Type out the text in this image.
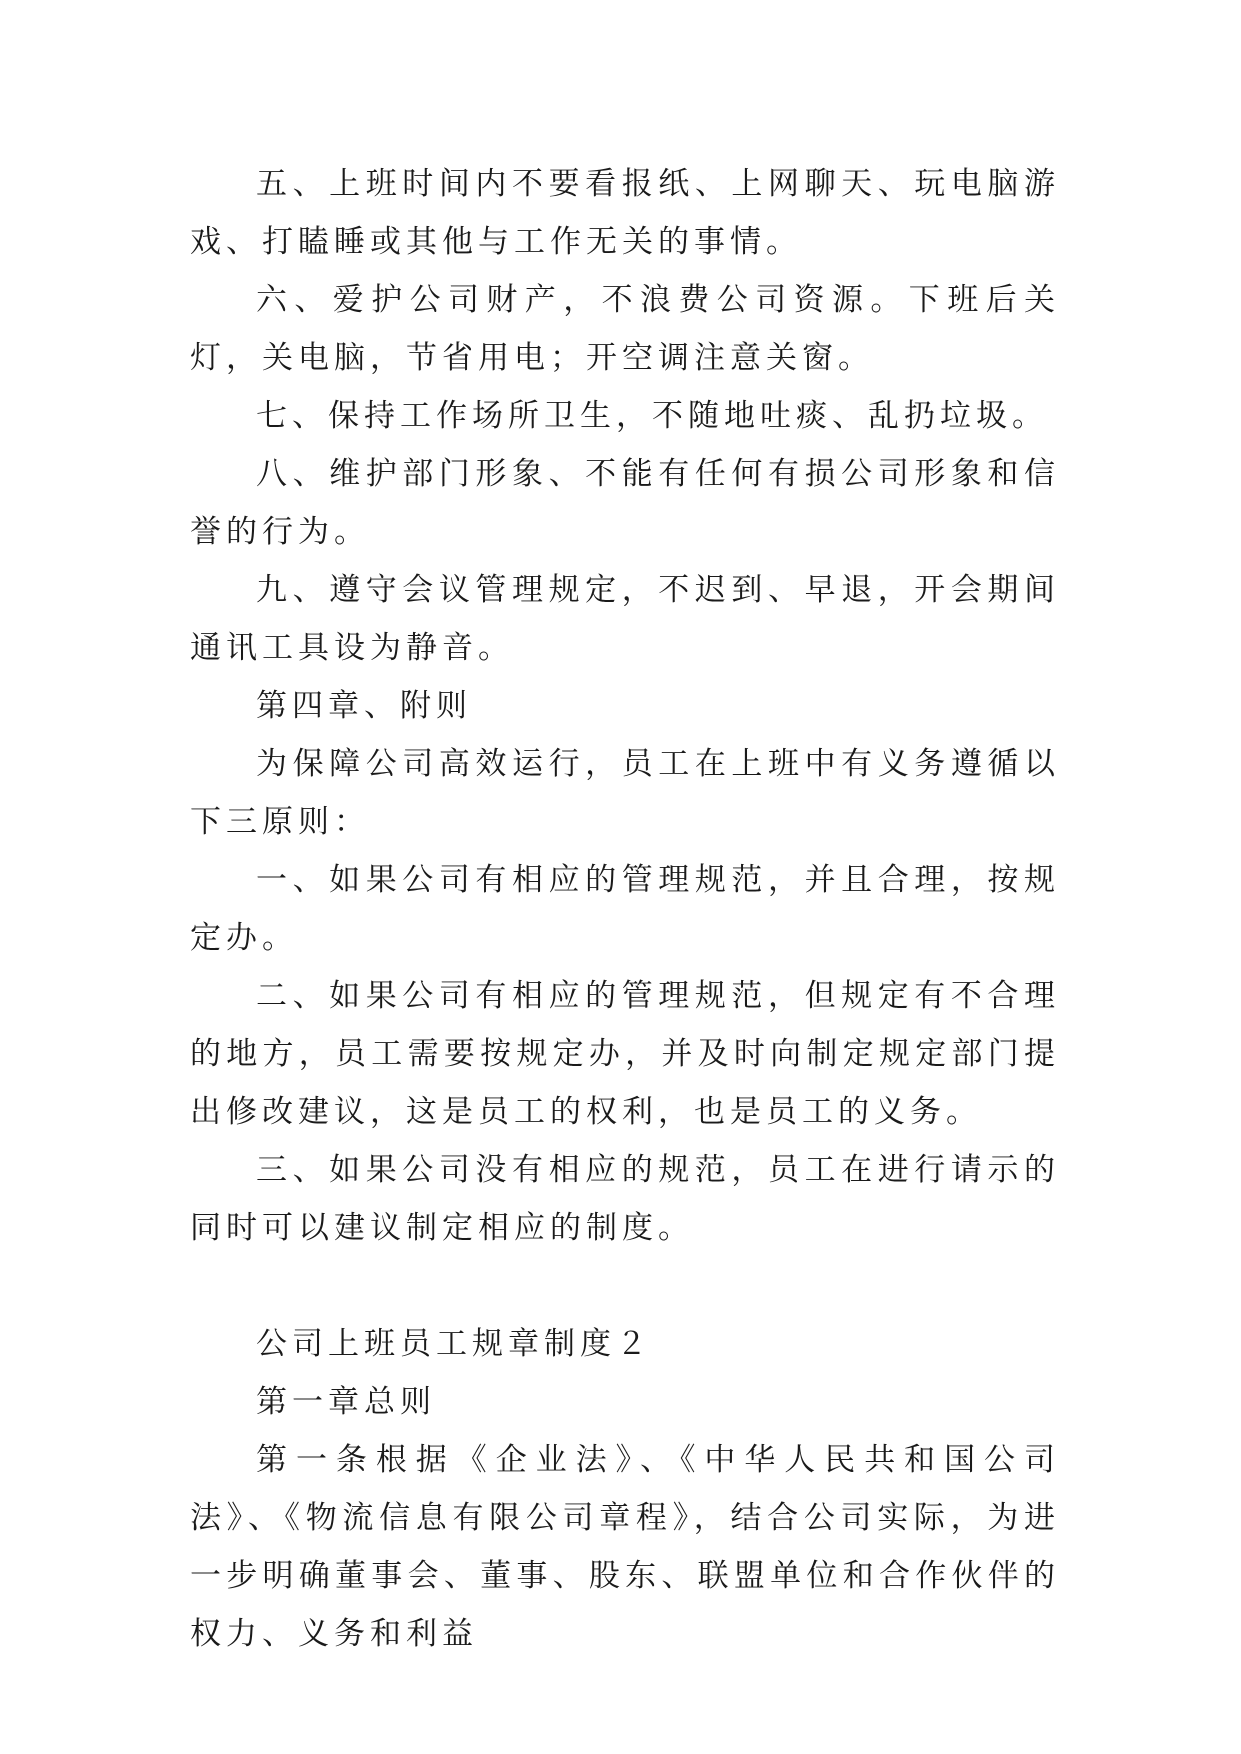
五、上班时间内不要看报纸、上网聊天、玩电脑游戏、打瞌睡或其他与工作无关的事情。

六、爱护公司财产，不浪费公司资源。下班后关灯，关电脑，节省用电；开空调注意关窗。

七、保持工作场所卫生，不随地吐痰、乱扔垃圾。

八、维护部门形象、不能有任何有损公司形象和信誉的行为。

九、遵守会议管理规定，不迟到、早退，开会期间通讯工具设为静音。

第四章、附则

为保障公司高效运行，员工在上班中有义务遵循以下三原则：

一、如果公司有相应的管理规范，并且合理，按规定办。

二、如果公司有相应的管理规范，但规定有不合理的地方，员工需要按规定办，并及时向制定规定部门提出修改建议，这是员工的权利，也是员工的义务。

三、如果公司没有相应的规范，员工在进行请示的同时可以建议制定相应的制度。

公司上班员工规章制度２

第一章总则

第一条根据《企业法》、《中华人民共和国公司法》、《物流信息有限公司章程》，结合公司实际，为进一步明确董事会、董事、股东、联盟单位和合作伙伴的权力、义务和利益
